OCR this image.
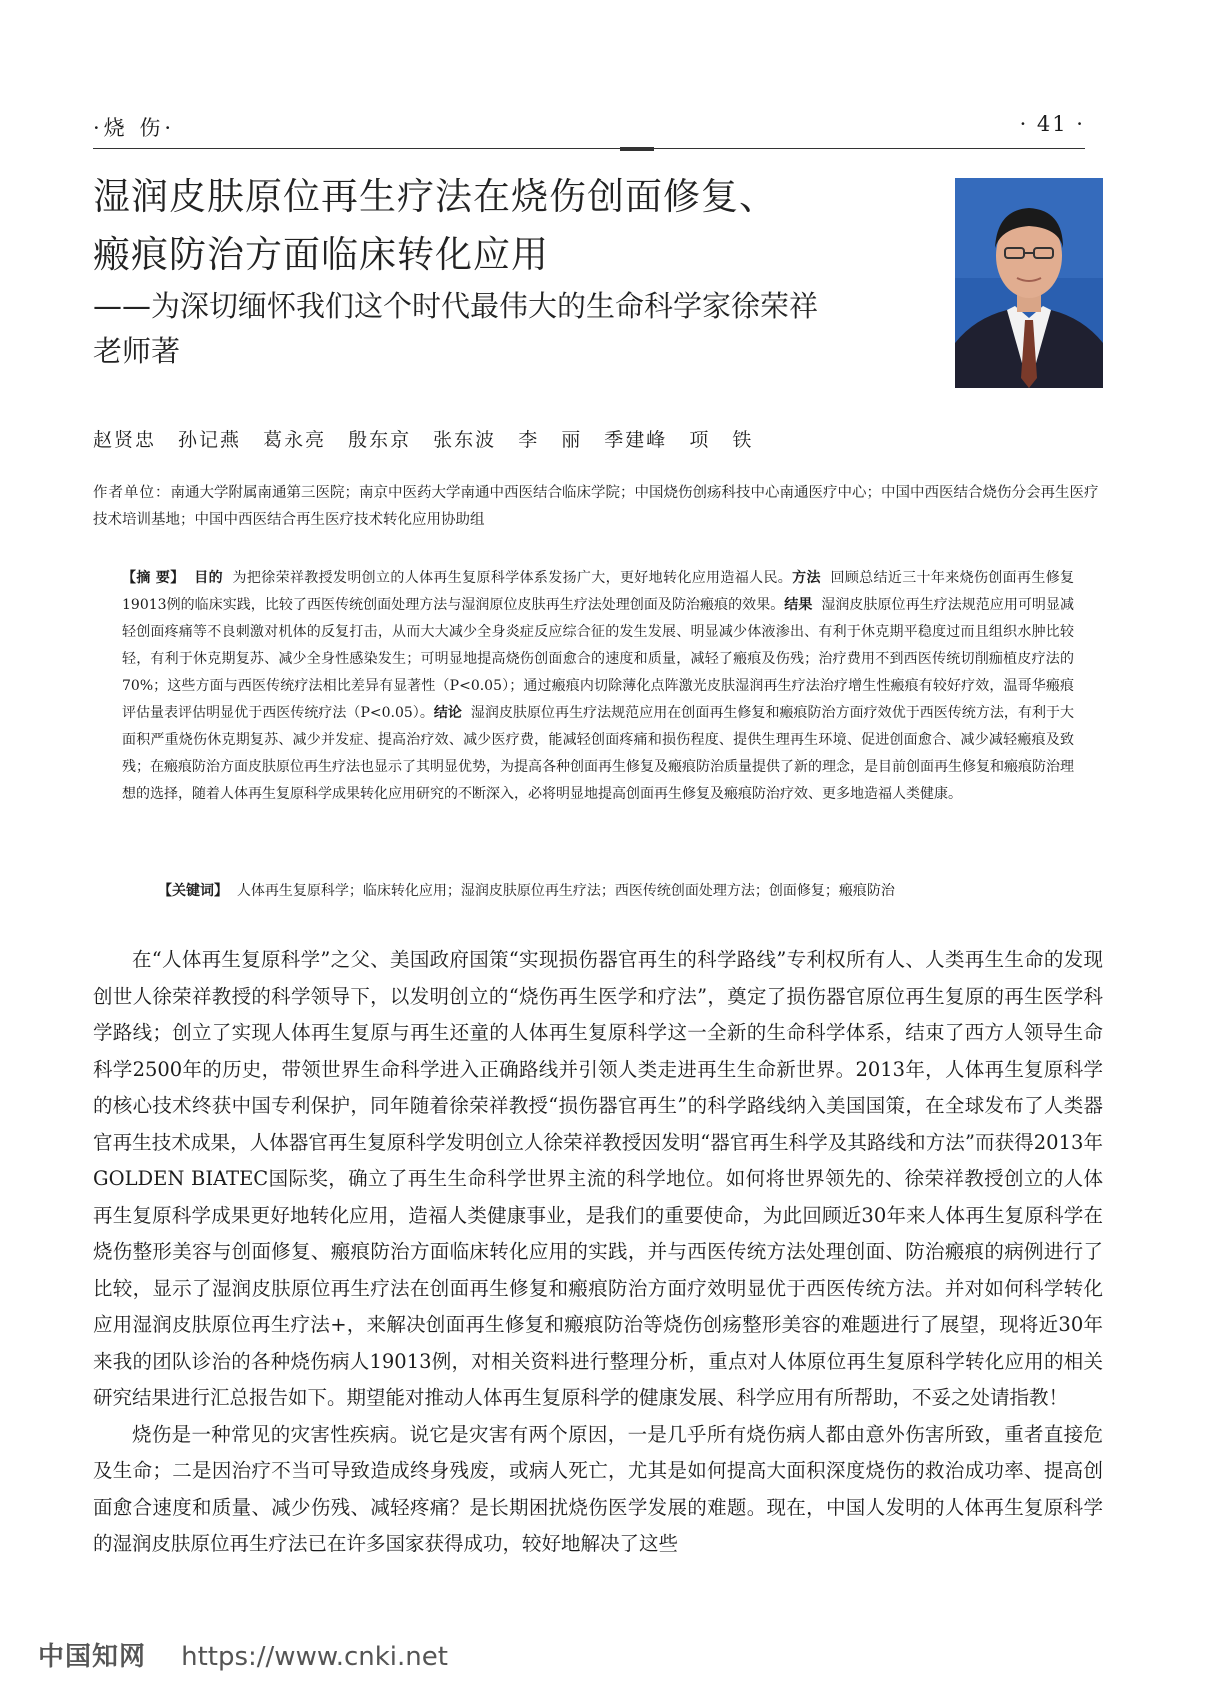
·烧 伤·	· 41 ·
湿润皮肤原位再生疗法在烧伤创面修复、
瘢痕防治方面临床转化应用
——为深切缅怀我们这个时代最伟大的生命科学家徐荣祥
老师著
赵贤忠 孙记燕 葛永亮 殷东京 张东波 李 丽 季建峰 项 铁
作者单位：南通大学附属南通第三医院；南京中医药大学南通中西医结合临床学院；中国烧伤创疡科技中心南通医疗中心；中国中西医结合烧伤分会再生医疗技术培训基地；中国中西医结合再生医疗技术转化应用协助组
【摘 要】 目的 为把徐荣祥教授发明创立的人体再生复原科学体系发扬广大，更好地转化应用造福人民。方法 回顾总结近三十年来烧伤创面再生修复19013例的临床实践，比较了西医传统创面处理方法与湿润原位皮肤再生疗法处理创面及防治瘢痕的效果。结果 湿润皮肤原位再生疗法规范应用可明显减轻创面疼痛等不良刺激对机体的反复打击，从而大大减少全身炎症反应综合征的发生发展、明显减少体液渗出、有利于休克期平稳度过而且组织水肿比较轻，有利于休克期复苏、减少全身性感染发生；可明显地提高烧伤创面愈合的速度和质量，减轻了瘢痕及伤残；治疗费用不到西医传统切削痂植皮疗法的70%；这些方面与西医传统疗法相比差异有显著性（P<0.05）；通过瘢痕内切除薄化点阵激光皮肤湿润再生疗法治疗增生性瘢痕有较好疗效，温哥华瘢痕评估量表评估明显优于西医传统疗法（P<0.05）。结论 湿润皮肤原位再生疗法规范应用在创面再生修复和瘢痕防治方面疗效优于西医传统方法，有利于大面积严重烧伤休克期复苏、减少并发症、提高治疗效、减少医疗费，能减轻创面疼痛和损伤程度、提供生理再生环境、促进创面愈合、减少减轻瘢痕及致残；在瘢痕防治方面皮肤原位再生疗法也显示了其明显优势，为提高各种创面再生修复及瘢痕防治质量提供了新的理念，是目前创面再生修复和瘢痕防治理想的选择，随着人体再生复原科学成果转化应用研究的不断深入，必将明显地提高创面再生修复及瘢痕防治疗效、更多地造福人类健康。
【关键词】 人体再生复原科学；临床转化应用；湿润皮肤原位再生疗法；西医传统创面处理方法；创面修复；瘢痕防治

在“人体再生复原科学”之父、美国政府国策“实现损伤器官再生的科学路线”专利权所有人、人类再生生命的发现创世人徐荣祥教授的科学领导下，以发明创立的“烧伤再生医学和疗法”，奠定了损伤器官原位再生复原的再生医学科学路线；创立了实现人体再生复原与再生还童的人体再生复原科学这一全新的生命科学体系，结束了西方人领导生命科学2500年的历史，带领世界生命科学进入正确路线并引领人类走进再生生命新世界。2013年，人体再生复原科学的核心技术终获中国专利保护，同年随着徐荣祥教授“损伤器官再生”的科学路线纳入美国国策，在全球发布了人类器官再生技术成果，人体器官再生复原科学发明创立人徐荣祥教授因发明“器官再生科学及其路线和方法”而获得2013年GOLDEN BIATEC国际奖，确立了再生生命科学世界主流的科学地位。如何将世界领先的、徐荣祥教授创立的人体再生复原科学成果更好地转化应用，造福人类健康事业，是我们的重要使命，为此回顾近30年来人体再生复原科学在烧伤整形美容与创面修复、瘢痕防治方面临床转化应用的实践，并与西医传统方法处理创面、防治瘢痕的病例进行了比较，显示了湿润皮肤原位再生疗法在创面再生修复和瘢痕防治方面疗效明显优于西医传统方法。并对如何科学转化应用湿润皮肤原位再生疗法+，来解决创面再生修复和瘢痕防治等烧伤创疡整形美容的难题进行了展望，现将近30年来我的团队诊治的各种烧伤病人19013例，对相关资料进行整理分析，重点对人体原位再生复原科学转化应用的相关研究结果进行汇总报告如下。期望能对推动人体再生复原科学的健康发展、科学应用有所帮助，不妥之处请指教！

烧伤是一种常见的灾害性疾病。说它是灾害有两个原因，一是几乎所有烧伤病人都由意外伤害所致，重者直接危及生命；二是因治疗不当可导致造成终身残废，或病人死亡，尤其是如何提高大面积深度烧伤的救治成功率、提高创面愈合速度和质量、减少伤残、减轻疼痛？是长期困扰烧伤医学发展的难题。现在，中国人发明的人体再生复原科学的湿润皮肤原位再生疗法已在许多国家获得成功，较好地解决了这些

中国知网 https://www.cnki.net
